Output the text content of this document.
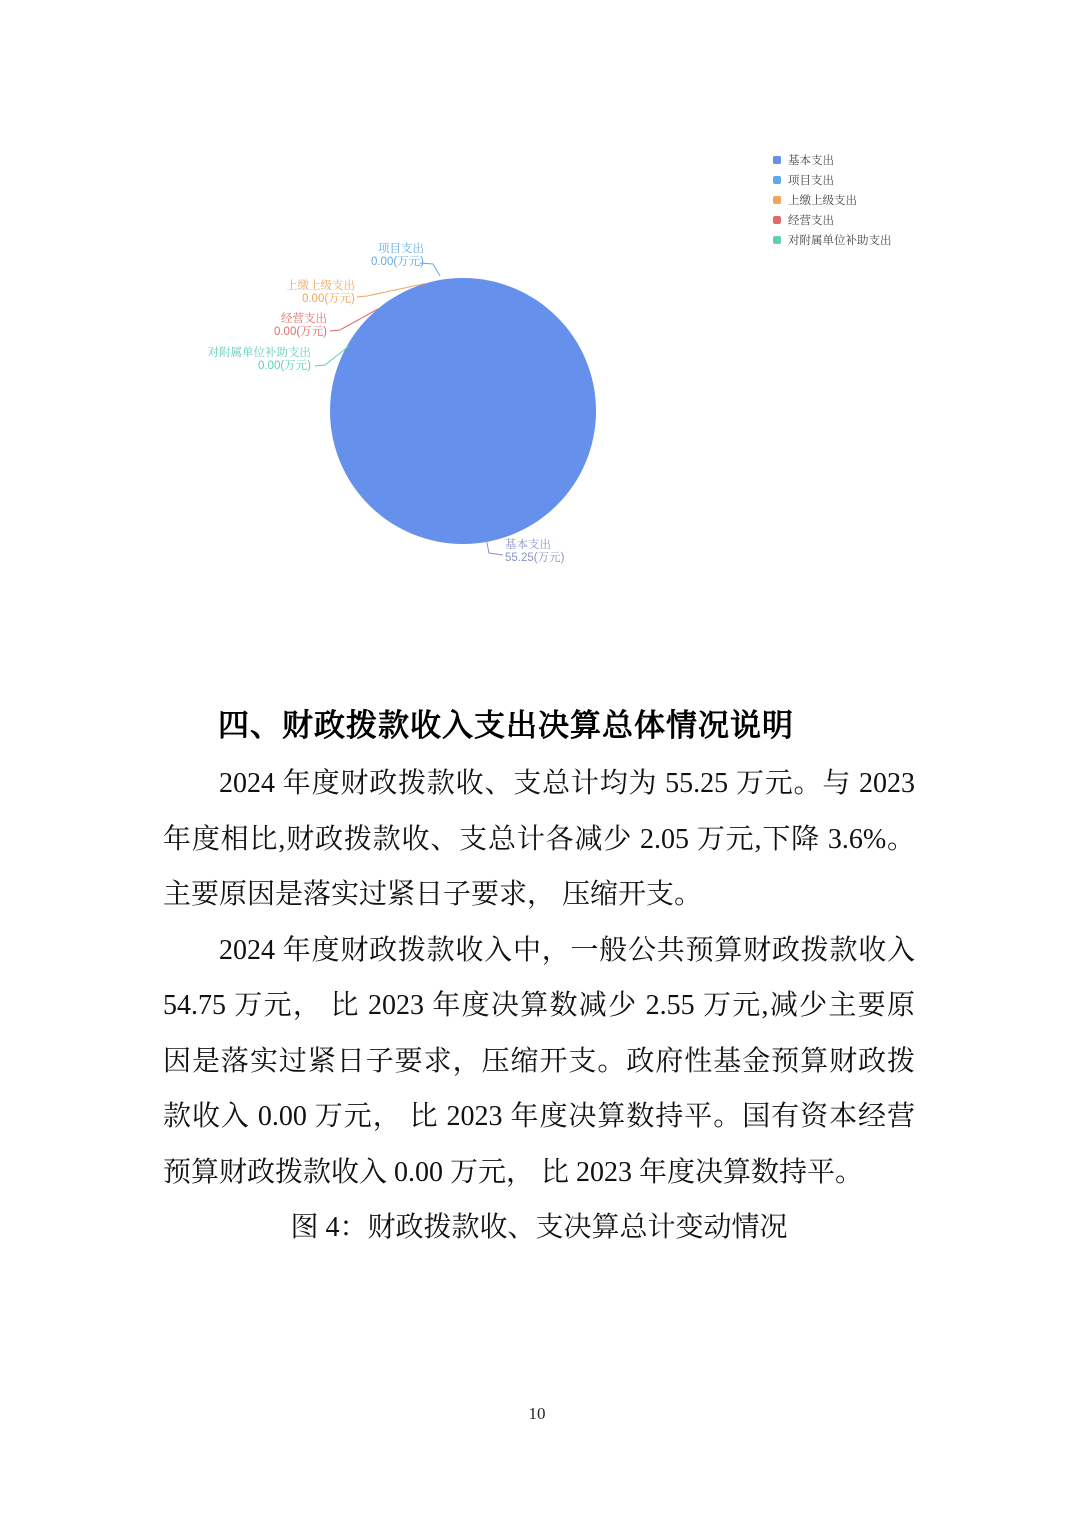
基本支出
项目支出
上缴上级支出
经营支出
对附属单位补助支出
项目支出
0.00(万元)
上缴上级支出
0.00(万元)
经营支出
0.00(万元)
对附属单位补助支出
0.00(万元)
基本支出
55.25(万元)
四、财政拨款收入支出决算总体情况说明
2024 年度财政拨款收、支总计均为 55.25 万元。与 2023
年度相比,财政拨款收、支总计各减少 2.05 万元,下降 3.6%。
主要原因是落实过紧日子要求， 压缩开支。
2024 年度财政拨款收入中，一般公共预算财政拨款收入
54.75 万元， 比 2023 年度决算数减少 2.55 万元,减少主要原
因是落实过紧日子要求，压缩开支。政府性基金预算财政拨
款收入 0.00 万元， 比 2023 年度决算数持平。国有资本经营
预算财政拨款收入 0.00 万元， 比 2023 年度决算数持平。
图 4：财政拨款收、支决算总计变动情况
10
